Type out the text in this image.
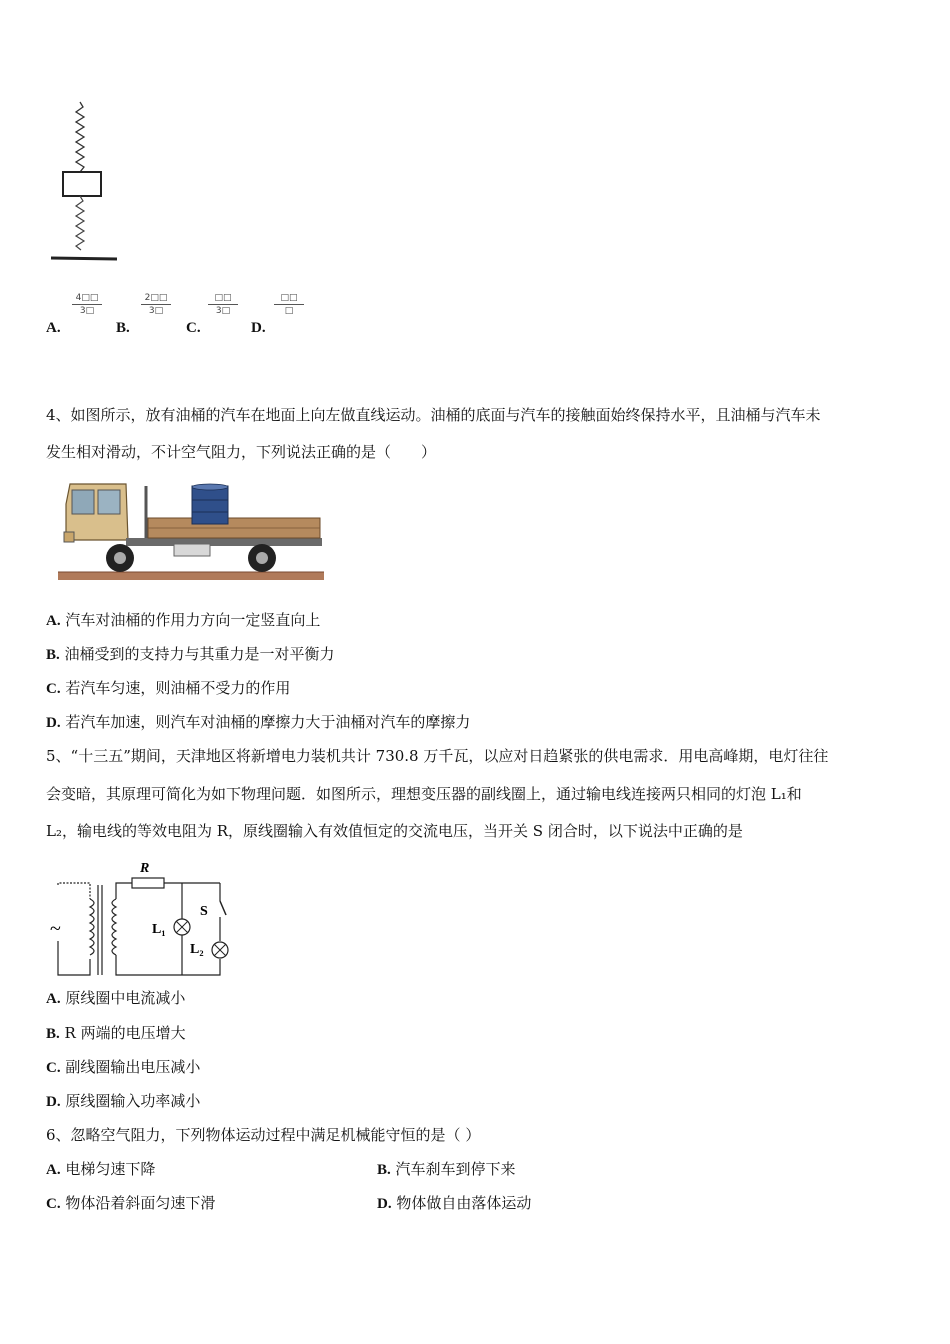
A.
$\frac{4□□}{3□}$
B.
$\frac{2□□}{3□}$
C.
□□
3□
D.
□□
□
4、如图所示，放有油桶的汽车在地面上向左做直线运动。油桶的底面与汽车的接触面始终保持水平，且油桶与汽车未
发生相对滑动，不计空气阻力，下列说法正确的是（　　）
A. 汽车对油桶的作用力方向一定竖直向上
B. 油桶受到的支持力与其重力是一对平衡力
C. 若汽车匀速，则油桶不受力的作用
D. 若汽车加速，则汽车对油桶的摩擦力大于油桶对汽车的摩擦力
5、“十三五”期间，天津地区将新增电力装机共计 730.8 万千瓦，以应对日趋紧张的供电需求．用电高峰期，电灯往往
会变暗，其原理可简化为如下物理问题．如图所示，理想变压器的副线圈上，通过输电线连接两只相同的灯泡 L₁和
L₂，输电线的等效电阻为 R，原线圈输入有效值恒定的交流电压，当开关 S 闭合时，以下说法中正确的是
~
R
L₁
S
L₂
A. 原线圈中电流减小
B. R 两端的电压增大
C. 副线圈输出电压减小
D. 原线圈输入功率减小
6、忽略空气阻力，下列物体运动过程中满足机械能守恒的是（ ）
A. 电梯匀速下降	B. 汽车刹车到停下来
C. 物体沿着斜面匀速下滑	D. 物体做自由落体运动
